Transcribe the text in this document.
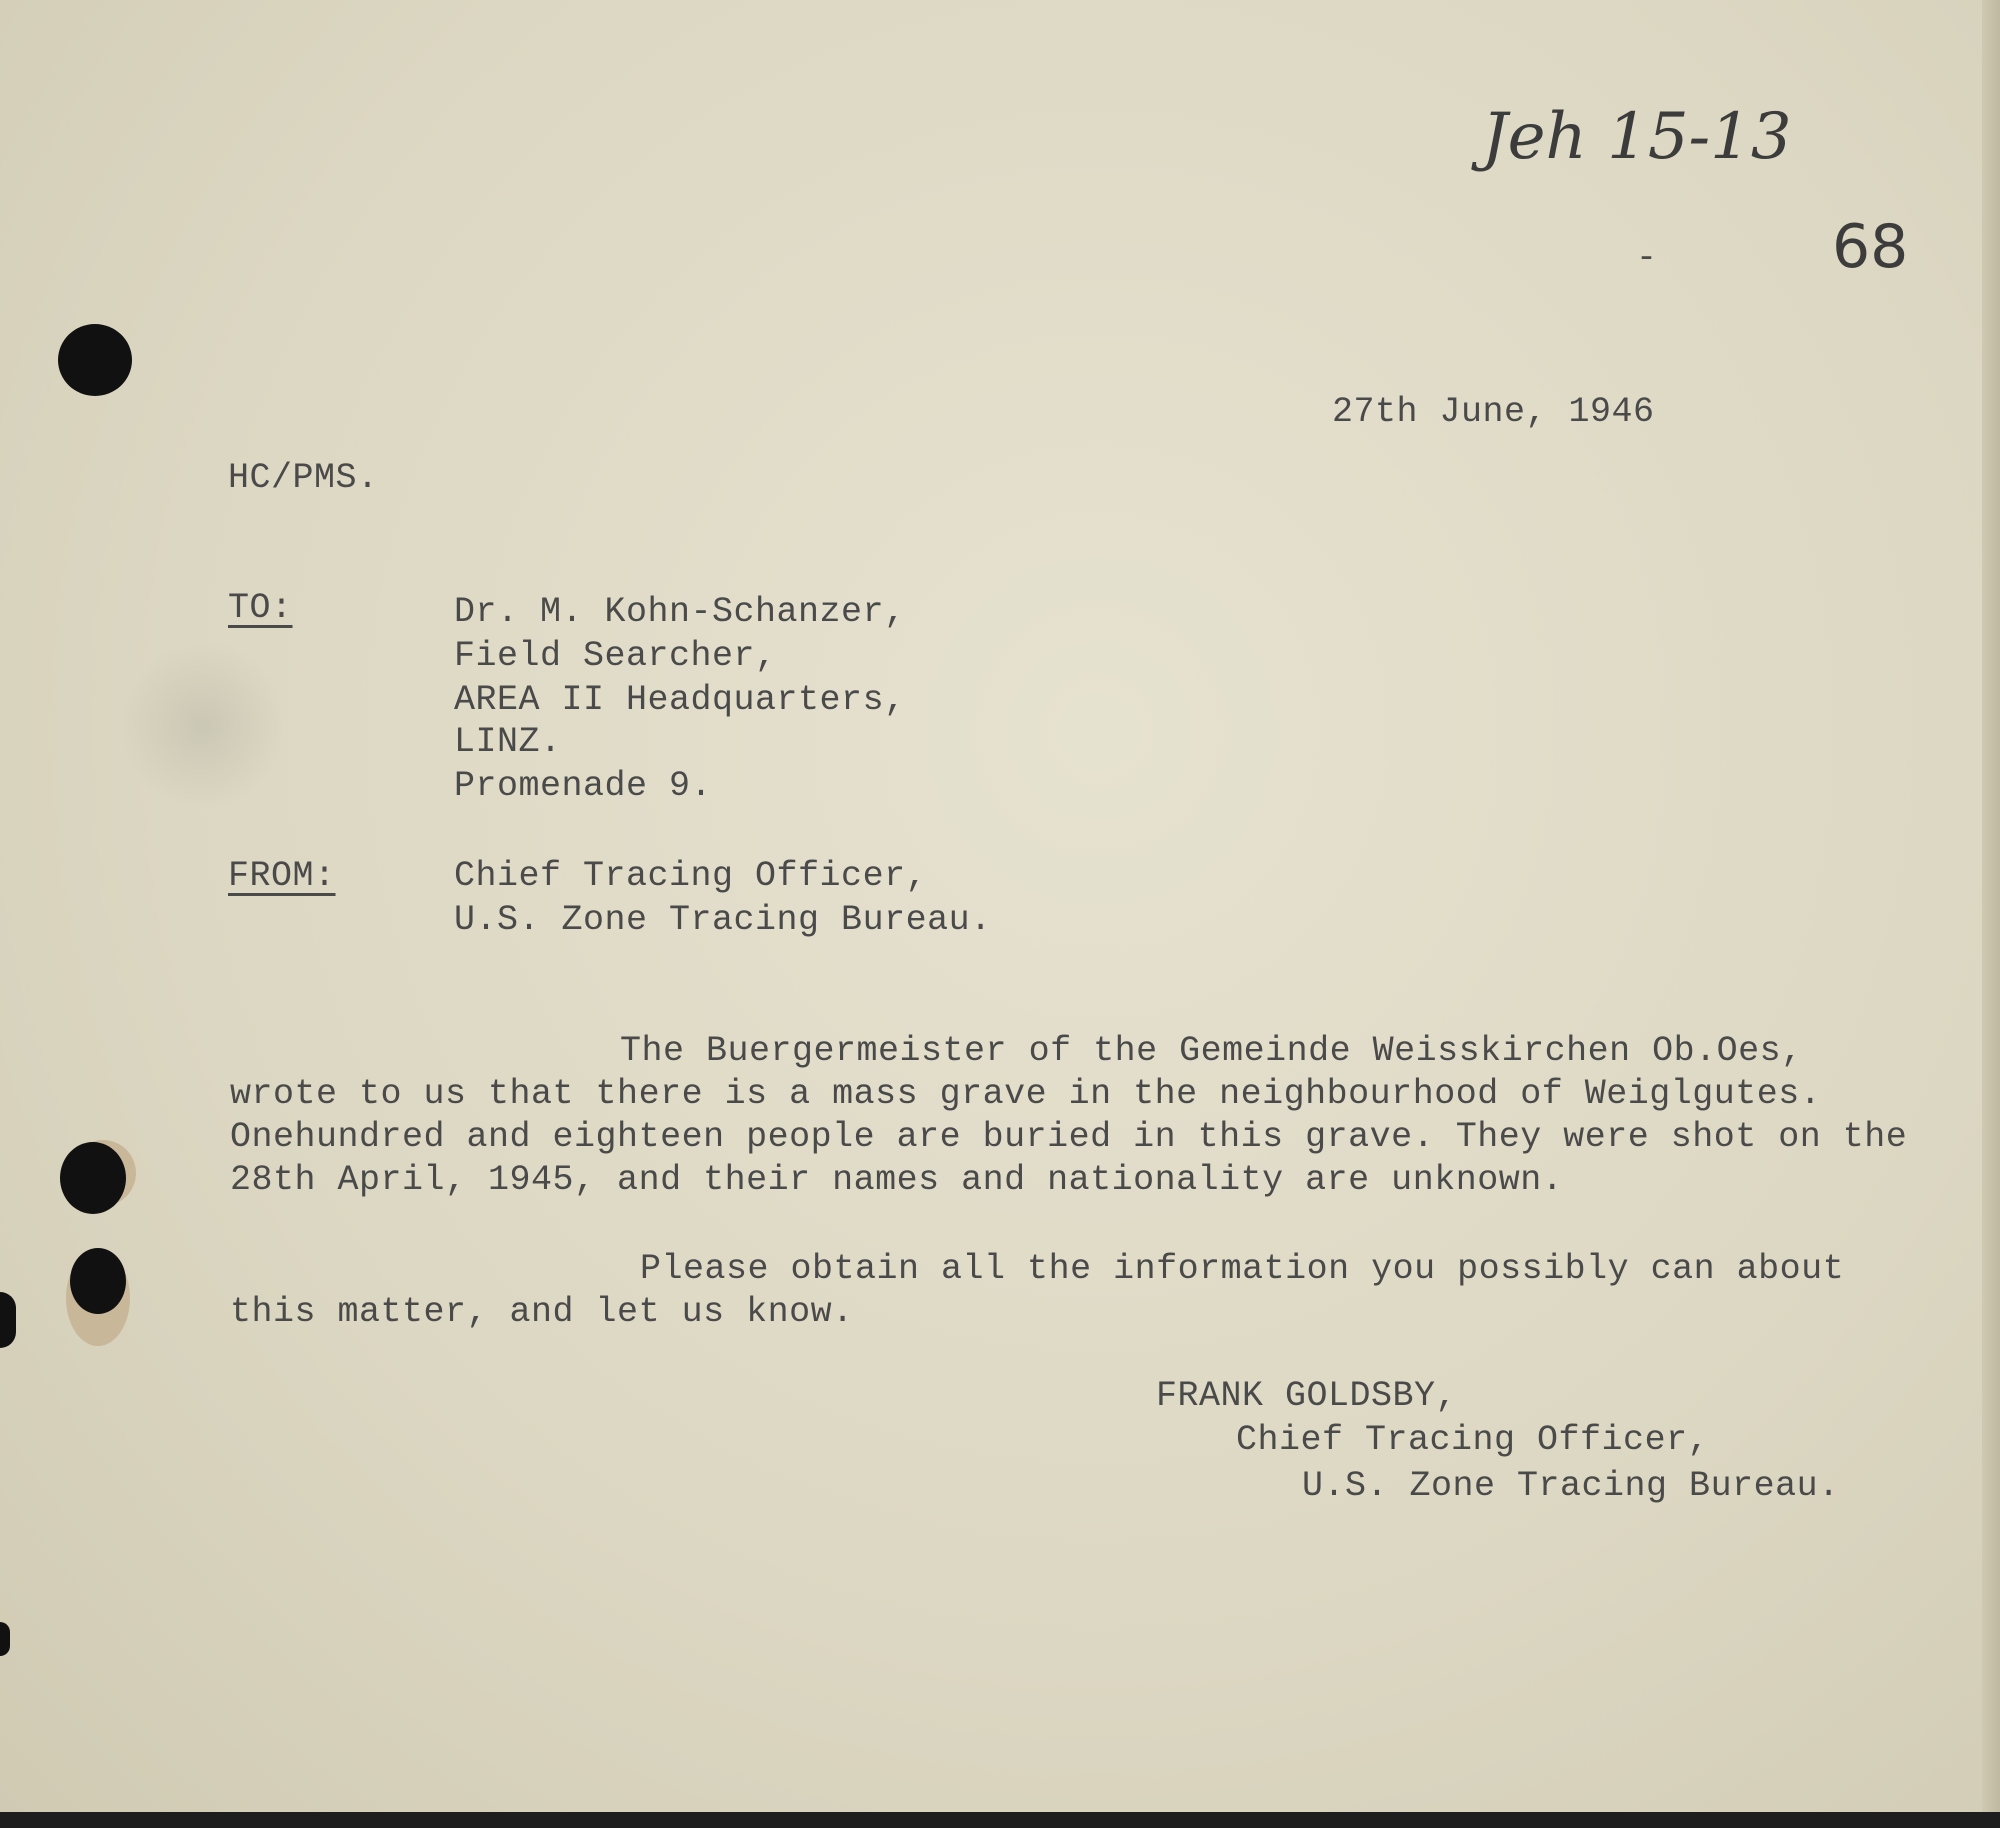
Jeh 15-13
-	68
27th June, 1946
HC/PMS.
TO:	Dr. M. Kohn-Schanzer,
Field Searcher,
AREA II Headquarters,
LINZ.
Promenade 9.
FROM:	Chief Tracing Officer,
U.S. Zone Tracing Bureau.
The Buergermeister of the Gemeinde Weisskirchen Ob.Oes, wrote to us that there is a mass grave in the neighbourhood of Weiglgutes. Onehundred and eighteen people are buried in this grave. They were shot on the 28th April, 1945, and their names and nationality are unknown.
Please obtain all the information you possibly can about this matter, and let us know.
FRANK GOLDSBY,
Chief Tracing Officer,
U.S. Zone Tracing Bureau.
